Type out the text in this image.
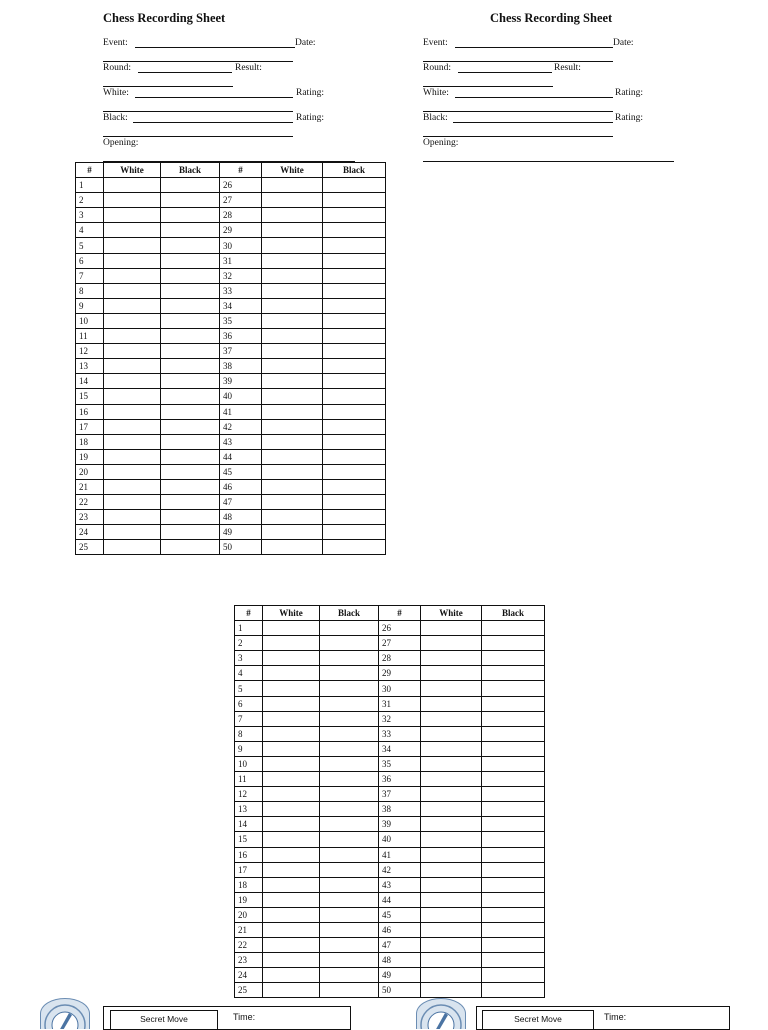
Chess Recording Sheet
Event:	Date:
Round:	Result:
White:	Rating:
Black:	Rating:
Opening:
Chess Recording Sheet
Event:	Date:
Round:	Result:
White:	Rating:
Black:	Rating:
Opening:
#	White	Black	#	White	Black
1			26		
2			27		
3			28		
4			29		
5			30		
6			31		
7			32		
8			33		
9			34		
10			35		
11			36		
12			37		
13			38		
14			39		
15			40		
16			41		
17			42		
18			43		
19			44		
20			45		
21			46		
22			47		
23			48		
24			49		
25			50		
#	White	Black	#	White	Black
1			26		
2			27		
3			28		
4			29		
5			30		
6			31		
7			32		
8			33		
9			34		
10			35		
11			36		
12			37		
13			38		
14			39		
15			40		
16			41		
17			42		
18			43		
19			44		
20			45		
21			46		
22			47		
23			48		
24			49		
25			50		
Secret Move	Time:	Secret Move	Time:
